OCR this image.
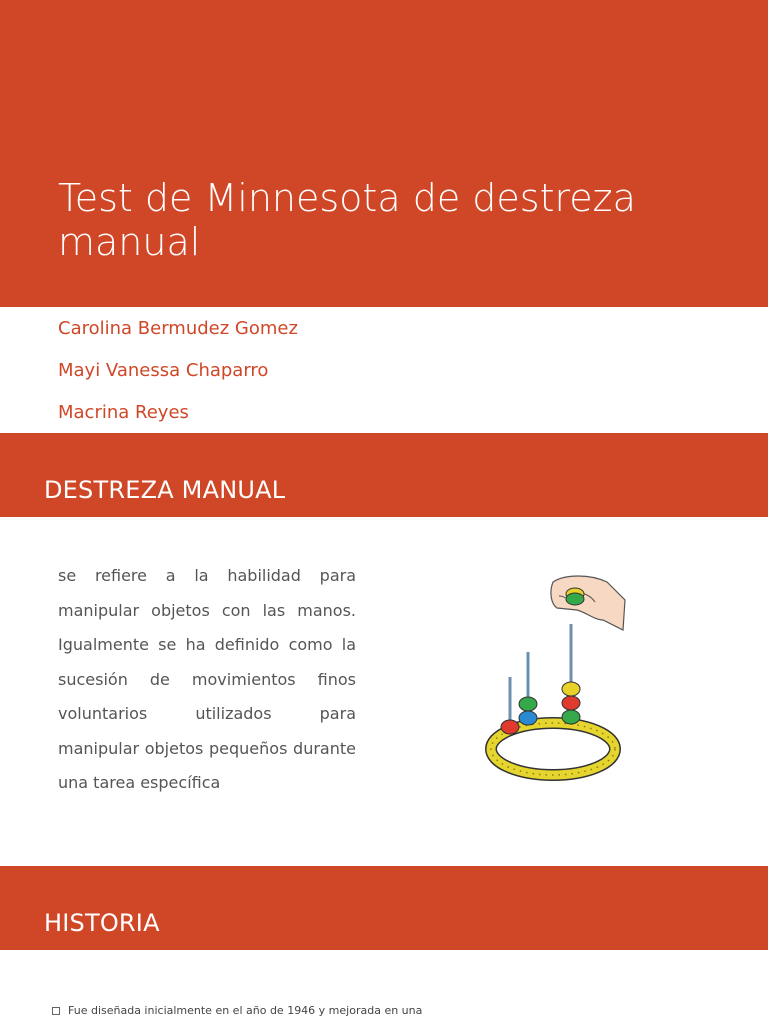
Test de Minnesota de destreza manual
Carolina Bermudez Gomez
Mayi Vanessa Chaparro
Macrina Reyes
DESTREZA MANUAL

se refiere a la habilidad para manipular objetos con las manos. Igualmente se ha definido como la sucesión de movimientos finos voluntarios utilizados para manipular objetos pequeños durante una tarea específica

HISTORIA
Fue diseñada inicialmente en el año de 1946 y mejorada en una
